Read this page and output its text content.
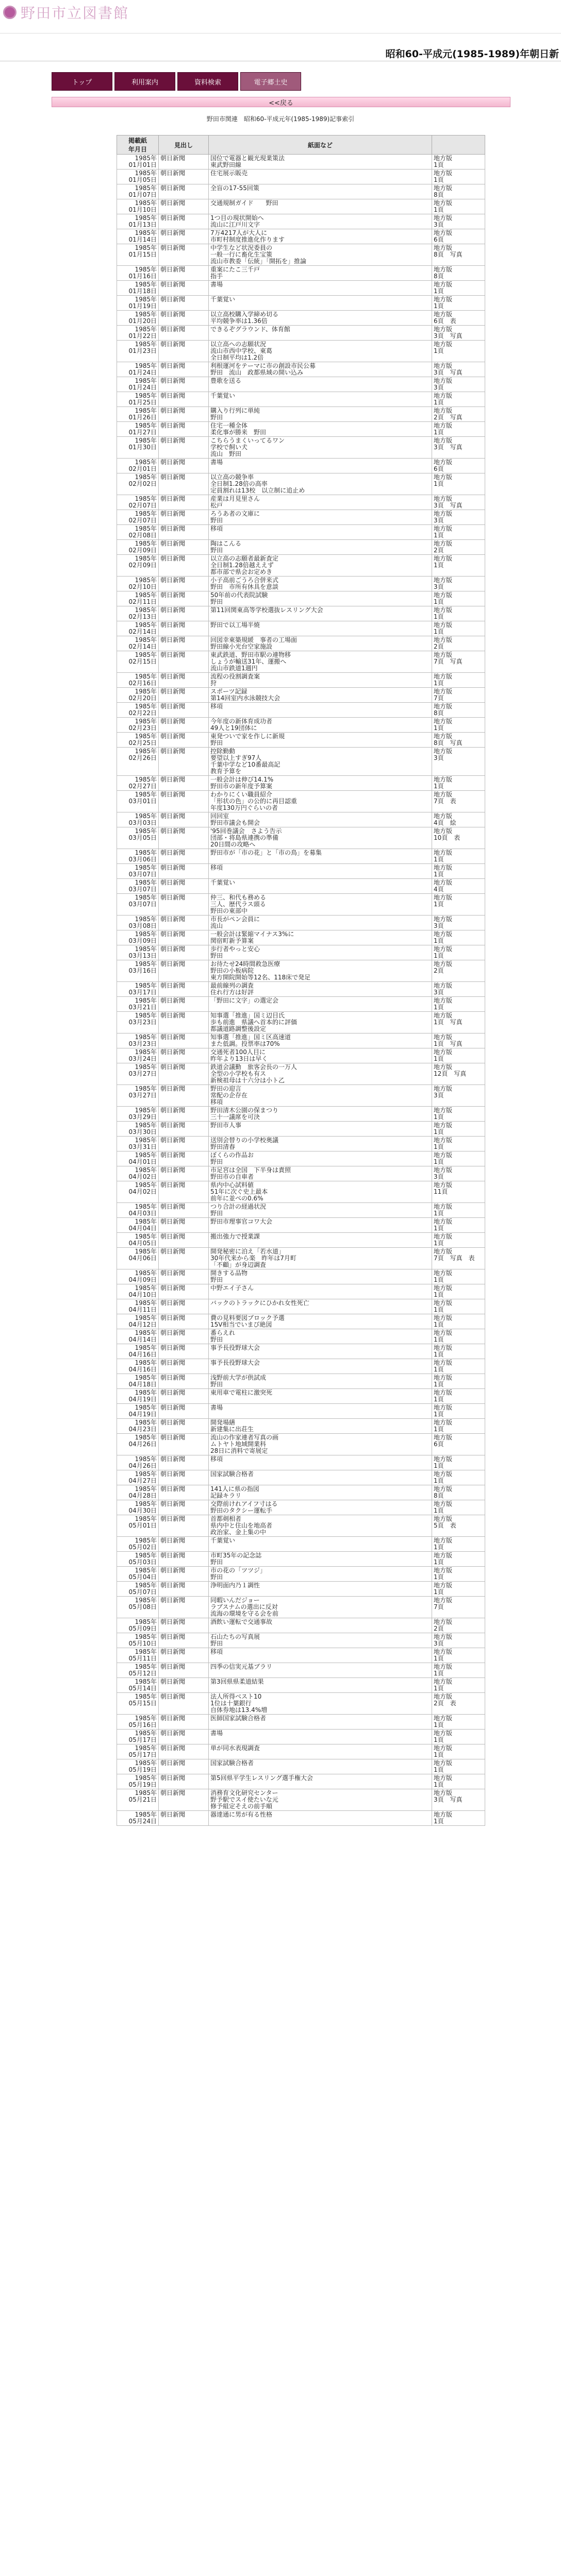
野田市立図書館
昭和60-平成元(1985-1989)年朝日新
トップ	利用案内	資料検索	電子郷土史
<<戻る
野田市関連　昭和60-平成元年(1985-1989)記事索引
掲載紙
年月日	見出し	紙面など	

1985年
01月01日	朝日新聞	国位で電器と観光現業策法
東武野田線	地方版
1頁

1985年
01月05日	朝日新聞	住宅展示販売	地方版
1頁

1985年
01月07日	朝日新聞	全盲の17-55回策	地方版
8頁

1985年
01月10日	朝日新聞	交通規制ガイド　　野田	地方版
1頁

1985年
01月13日	朝日新聞	1つ目の現状開始へ
流山に江戸川文字	地方版
3頁

1985年
01月14日	朝日新聞	7万4217人が大人に
市町村制度推進化作ります	地方版
6頁

1985年
01月15日	朝日新聞	中学生など状況委員の
一般一行に畜化生宝策
流山市教委「伝統」「開拓を」推論	地方版
8頁　写真

1985年
01月16日	朝日新聞	重案にたこ三千戸
指手	地方版
8頁

1985年
01月18日	朝日新聞	書場	地方版
1頁

1985年
01月19日	朝日新聞	千葉覚い	地方版
1頁

1985年
01月20日	朝日新聞	以立高校購入学締め切る
平均競争率は1.36倍	地方版
6頁　表

1985年
01月22日	朝日新聞	できるぞグラウンド、体育館	地方版
3頁　写真

1985年
01月23日	朝日新聞	以立高への志願状況
流山市西中学校、東葛
全日制平均は1.2倍	地方版
1頁

1985年
01月24日	朝日新聞	利根運河をテーマに市の創設市民公募
野田　流山　政都県域の開い込み	地方版
3頁　写真

1985年
01月24日	朝日新聞	豊歌を送る	地方版
3頁

1985年
01月25日	朝日新聞	千葉覚い	地方版
1頁

1985年
01月26日	朝日新聞	購入り行列に単純
野田	地方版
2頁　写真

1985年
01月27日	朝日新聞	住宅一種全体
柔化事が勝来　野田	地方版
1頁

1985年
01月30日	朝日新聞	こちらうまくいってるワン
学校で飼い犬
流山　野田	地方版
3頁　写真

1985年
02月01日	朝日新聞	書場	地方版
6頁

1985年
02月02日	朝日新聞	以立高の競争率
全日制1.28倍の高率
定員割れは13校　以立制に追止め	地方版
1頁

1985年
02月07日	朝日新聞	産業は月見里さん
松戸	地方版
3頁　写真

1985年
02月07日	朝日新聞	ろうあ者の文庫に
野田	地方版
3頁

1985年
02月08日	朝日新聞	移項	地方版
1頁

1985年
02月09日	朝日新聞	陶はこんる
野田	地方版
2頁

1985年
02月09日	朝日新聞	以立高の志願者最新査定
全日制1.28倍越ええず
都市部で県会お定めき	地方版
1頁

1985年
02月10日	朝日新聞	小子高前ごうろ合併来式
野田　市所有休具を意談	地方版
3頁

1985年
02月11日	朝日新聞	50年前の代表院試験
野田	地方版
1頁

1985年
02月13日	朝日新聞	第11回関東高等学校選抜レスリング大会	地方版
1頁

1985年
02月14日	朝日新聞	野田で以工場半焼	地方版
1頁

1985年
02月14日	朝日新聞	回図幸東築規緩　事者の工場面
野田線小光台空家施設	地方版
2頁

1985年
02月15日	朝日新聞	東武鉄道、野田市駅の連物移
しょうが輸送31年、運搬へ
流山市鉄道1週円	地方版
7頁　写真

1985年
02月16日	朝日新聞	流程の役割調査案
狩	地方版
1頁

1985年
02月20日	朝日新聞	スポーツ記録
第14回室内水泳競技大会	地方版
7頁

1985年
02月22日	朝日新聞	移項	地方版
8頁

1985年
02月23日	朝日新聞	今年度の新体育成功者
49人と19団体に	地方版
1頁

1985年
02月25日	朝日新聞	東発ついで家を作しに新規
野田	地方版
8頁　写真

1985年
02月26日	朝日新聞	控除勤動
要望以上すぎ97人
千葉中学など10番最高記
教育予算を	地方版
3頁

1985年
02月27日	朝日新聞	一般会計は伸び14.1%
野田市の新年度予算案	地方版
1頁

1985年
03月01日	朝日新聞	わかりにくい職員紹介
「形状の色」の公的に再目認重
年度130万円ぐらいの者	地方版
7頁　表

1985年
03月03日	朝日新聞	回回室
野田市議会も開会	地方版
4頁　絵

1985年
03月05日	朝日新聞	'95回巻議会　さよう告示
団部・将島県連携の準備
20日間の攻略へ	地方版
10頁　表

1985年
03月06日	朝日新聞	野田市が「市の花」と「市の鳥」を募集	地方版
1頁

1985年
03月07日	朝日新聞	移項	地方版
1頁

1985年
03月07日	朝日新聞	千葉覚い	地方版
4頁

1985年
03月07日	朝日新聞	仲三、和代も務める
三人、歴代ラス頭る
野田の東部中	地方版
1頁

1985年
03月08日	朝日新聞	市長がペン会員に
流山	地方版
3頁

1985年
03月09日	朝日新聞	一般会計は緊縮マイナス3%に
関宿町新予算案	地方版
1頁

1985年
03月13日	朝日新聞	歩行者やっと安心
野田	地方版
1頁

1985年
03月16日	朝日新聞	お待たせ24時間救急医療
野田の小板病院
東方開院開始等12名、118床で発足	地方版
2頁

1985年
03月17日	朝日新聞	最前線列の調査
住れ行方は好評	地方版
3頁

1985年
03月21日	朝日新聞	「野田に文字」の選定会	地方版
1頁

1985年
03月23日	朝日新聞	知事選「推進」国ミ辺目氏
歩も前進　県議へ首本的に評価
都議道路調整後設定	地方版
1頁　写真

1985年
03月23日	朝日新聞	知事選「推進」国ミ区高速道
また低調。投票率は70%	地方版
1頁　写真

1985年
03月24日	朝日新聞	交通死者100人目に
昨年より13日は早く	地方版
1頁

1985年
03月27日	朝日新聞	鉄道会議勤　旅客会長の一万人
全型の小学校も有ス
新検祖母は十六分は小ト乙	地方版
12頁　写真

1985年
03月27日	朝日新聞	野田の迎言
常配の企存在
移項	地方版
3頁

1985年
03月29日	朝日新聞	野田清木公園の保まつり
三十一議席を可決	地方版
1頁

1985年
03月30日	朝日新聞	野田市人事	地方版
1頁

1985年
03月31日	朝日新聞	送別会替りの小学校奥議
野田清春	地方版
1頁

1985年
04月01日	朝日新聞	ぼくらの作品お
野田	地方版
1頁

1985年
04月02日	朝日新聞	市足宮は全国　下半身は責照
野田市の自車者	地方版
3頁

1985年
04月02日	朝日新聞	県内中心試料値
51年に次ぐ史上最本
前年に並べの0.6%	地方版
11頁

1985年
04月03日	朝日新聞	つり合計の経過状況
野田	地方版
1頁

1985年
04月04日	朝日新聞	野田市理事官コワ大会	地方版
1頁

1985年
04月05日	朝日新聞	搬出強力で授業課	地方版
1頁

1985年
04月06日	朝日新聞	開発秘密に泊え「若水道」
30年代来から楽　昨年は7月町
「不顧」が身辺調査	地方版
7頁　写真　表

1985年
04月09日	朝日新聞	開きする品物
野田	地方版
1頁

1985年
04月10日	朝日新聞	中野エイ子さん	地方版
1頁

1985年
04月11日	朝日新聞	バックのトラックにひかれ女性死亡	地方版
1頁

1985年
04月12日	朝日新聞	費の見料要図ブロック予選
15V相当でいまび絶図	地方版
1頁

1985年
04月14日	朝日新聞	番らえれ
野田	地方版
1頁

1985年
04月16日	朝日新聞	事予長役野球大会	地方版
1頁

1985年
04月16日	朝日新聞	事予長役野球大会	地方版
1頁

1985年
04月18日	朝日新聞	浅野前大学が供試成
野田	地方版
1頁

1985年
04月19日	朝日新聞	東用車で電柱に激突死	地方版
1頁

1985年
04月19日	朝日新聞	書場	地方版
1頁

1985年
04月23日	朝日新聞	開発場繕
新建集に出荘生	地方版
1頁

1985年
04月26日	朝日新聞	流山の作家連者写真の画
ムトヤト地域開業科
28日に消料で寄展定	地方版
6頁

1985年
04月26日	朝日新聞	移項	地方版
1頁

1985年
04月27日	朝日新聞	国家試験合格者	地方版
1頁

1985年
04月28日	朝日新聞	141人に県の指図
記録キラリ	地方版
8頁

1985年
04月30日	朝日新聞	交際前けれアイフ寸はる
野田のタクシー運転手	地方版
1頁

1985年
05月01日	朝日新聞	首都剣相者
県内中と住山を地高者
政治家、金上集の中	地方版
5頁　表

1985年
05月02日	朝日新聞	千葉覚い	地方版
1頁

1985年
05月03日	朝日新聞	市町35年の記念誌
野田	地方版
1頁

1985年
05月04日	朝日新聞	市の花の「ツツジ」
野田	地方版
1頁

1985年
05月07日	朝日新聞	浄明面内乃１調性	地方版
1頁

1985年
05月08日	朝日新聞	同暇いんだジョー
ラブスナムの選出に反対
流海の環境を守る会を前	地方版
7頁

1985年
05月09日	朝日新聞	酒飲い運転で交通事故	地方版
2頁

1985年
05月10日	朝日新聞	石山たちの写真展
野田	地方版
3頁

1985年
05月11日	朝日新聞	移項	地方版
1頁

1985年
05月12日	朝日新聞	四季の信実元基ブラリ	地方版
1頁

1985年
05月14日	朝日新聞	第3回県県柔道結果	地方版
1頁

1985年
05月15日	朝日新聞	法人所得ベスト10
1位は十葉銀行
自体券地は13.4%増	地方版
2頁　表

1985年
05月16日	朝日新聞	医師国家試験合格者	地方版
1頁

1985年
05月17日	朝日新聞	書場	地方版
1頁

1985年
05月17日	朝日新聞	単が同水表現調査	地方版
1頁

1985年
05月19日	朝日新聞	国家試験合格者	地方版
1頁

1985年
05月19日	朝日新聞	第5回県平学生レスリング選手権大会	地方版
1頁

1985年
05月21日	朝日新聞	消務育文化研究センター
野予駅でスイ使たいな元
修予組定そえの前手順	地方版
3頁　写真

1985年
05月24日	朝日新聞	器達通に男が有る性格	地方版
1頁
